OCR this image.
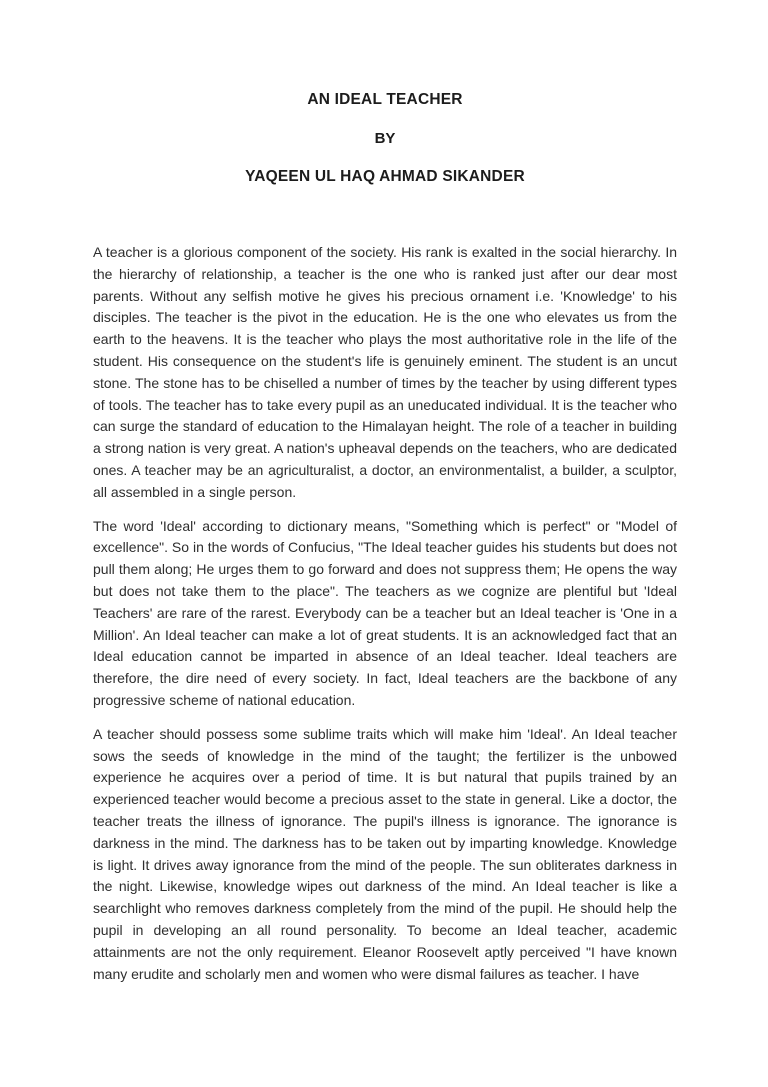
AN IDEAL TEACHER
BY
YAQEEN UL HAQ AHMAD SIKANDER

A teacher is a glorious component of the society. His rank is exalted in the social hierarchy. In the hierarchy of relationship, a teacher is the one who is ranked just after our dear most parents. Without any selfish motive he gives his precious ornament i.e. 'Knowledge' to his disciples. The teacher is the pivot in the education. He is the one who elevates us from the earth to the heavens. It is the teacher who plays the most authoritative role in the life of the student. His consequence on the student's life is genuinely eminent. The student is an uncut stone. The stone has to be chiselled a number of times by the teacher by using different types of tools. The teacher has to take every pupil as an uneducated individual. It is the teacher who can surge the standard of education to the Himalayan height. The role of a teacher in building a strong nation is very great. A nation's upheaval depends on the teachers, who are dedicated ones. A teacher may be an agriculturalist, a doctor, an environmentalist, a builder, a sculptor, all assembled in a single person.

The word 'Ideal' according to dictionary means, "Something which is perfect" or "Model of excellence". So in the words of Confucius, "The Ideal teacher guides his students but does not pull them along; He urges them to go forward and does not suppress them; He opens the way but does not take them to the place". The teachers as we cognize are plentiful but 'Ideal Teachers' are rare of the rarest. Everybody can be a teacher but an Ideal teacher is 'One in a Million'. An Ideal teacher can make a lot of great students. It is an acknowledged fact that an Ideal education cannot be imparted in absence of an Ideal teacher. Ideal teachers are therefore, the dire need of every society. In fact, Ideal teachers are the backbone of any progressive scheme of national education.

A teacher should possess some sublime traits which will make him 'Ideal'. An Ideal teacher sows the seeds of knowledge in the mind of the taught; the fertilizer is the unbowed experience he acquires over a period of time. It is but natural that pupils trained by an experienced teacher would become a precious asset to the state in general. Like a doctor, the teacher treats the illness of ignorance. The pupil's illness is ignorance. The ignorance is darkness in the mind. The darkness has to be taken out by imparting knowledge. Knowledge is light. It drives away ignorance from the mind of the people. The sun obliterates darkness in the night. Likewise, knowledge wipes out darkness of the mind. An Ideal teacher is like a searchlight who removes darkness completely from the mind of the pupil. He should help the pupil in developing an all round personality. To become an Ideal teacher, academic attainments are not the only requirement. Eleanor Roosevelt aptly perceived "I have known many erudite and scholarly men and women who were dismal failures as teacher. I have
